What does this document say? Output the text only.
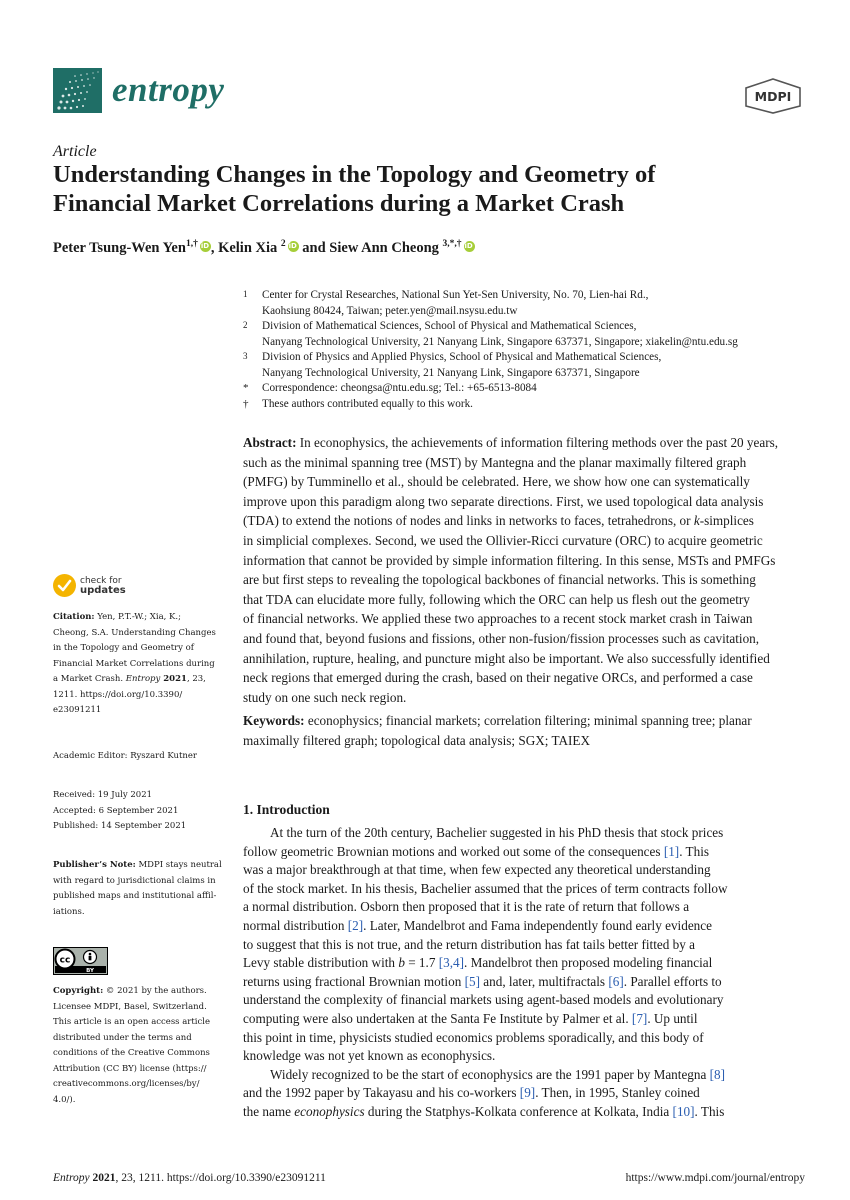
entropy	MDPI
Article
Understanding Changes in the Topology and Geometry of
Financial Market Correlations during a Market Crash
Peter Tsung-Wen Yen$^{1,\dagger}$iD , Kelin Xia $^2$iD and Siew Ann Cheong $^{3,*,\dagger}$iD
1 Center for Crystal Researches, National Sun Yet-Sen University, No. 70, Lien-hai Rd.,
Kaohsiung 80424, Taiwan; peter.yen@mail.nsysu.edu.tw
2 Division of Mathematical Sciences, School of Physical and Mathematical Sciences,
Nanyang Technological University, 21 Nanyang Link, Singapore 637371, Singapore; xiakelin@ntu.edu.sg
3 Division of Physics and Applied Physics, School of Physical and Mathematical Sciences,
Nanyang Technological University, 21 Nanyang Link, Singapore 637371, Singapore
* Correspondence: cheongsa@ntu.edu.sg; Tel.: +65-6513-8084
† These authors contributed equally to this work.
Abstract: In econophysics, the achievements of information filtering methods over the past 20 years,
such as the minimal spanning tree (MST) by Mantegna and the planar maximally filtered graph
(PMFG) by Tumminello et al., should be celebrated. Here, we show how one can systematically
improve upon this paradigm along two separate directions. First, we used topological data analysis
(TDA) to extend the notions of nodes and links in networks to faces, tetrahedrons, or k-simplices
in simplicial complexes. Second, we used the Ollivier-Ricci curvature (ORC) to acquire geometric
information that cannot be provided by simple information filtering. In this sense, MSTs and PMFGs
are but first steps to revealing the topological backbones of financial networks. This is something
that TDA can elucidate more fully, following which the ORC can help us flesh out the geometry
of financial networks. We applied these two approaches to a recent stock market crash in Taiwan
and found that, beyond fusions and fissions, other non-fusion/fission processes such as cavitation,
annihilation, rupture, healing, and puncture might also be important. We also successfully identified
neck regions that emerged during the crash, based on their negative ORCs, and performed a case
study on one such neck region.
Keywords: econophysics; financial markets; correlation filtering; minimal spanning tree; planar
maximally filtered graph; topological data analysis; SGX; TAIEX
check for
updates
Citation: Yen, P.T.-W.; Xia, K.;
Cheong, S.A. Understanding Changes
in the Topology and Geometry of
Financial Market Correlations during
a Market Crash. Entropy 2021, 23,
1211. https://doi.org/10.3390/
e23091211
Academic Editor: Ryszard Kutner
Received: 19 July 2021
Accepted: 6 September 2021
Published: 14 September 2021
Publisher’s Note: MDPI stays neutral
with regard to jurisdictional claims in
published maps and institutional affil-
iations.
cc
BY
Copyright: © 2021 by the authors.
Licensee MDPI, Basel, Switzerland.
This article is an open access article
distributed under the terms and
conditions of the Creative Commons
Attribution (CC BY) license (https://
creativecommons.org/licenses/by/
4.0/).
1. Introduction
At the turn of the 20th century, Bachelier suggested in his PhD thesis that stock prices
follow geometric Brownian motions and worked out some of the consequences [1]. This
was a major breakthrough at that time, when few expected any theoretical understanding
of the stock market. In his thesis, Bachelier assumed that the prices of term contracts follow
a normal distribution. Osborn then proposed that it is the rate of return that follows a
normal distribution [2]. Later, Mandelbrot and Fama independently found early evidence
to suggest that this is not true, and the return distribution has fat tails better fitted by a
Levy stable distribution with b = 1.7 [3,4]. Mandelbrot then proposed modeling financial
returns using fractional Brownian motion [5] and, later, multifractals [6]. Parallel efforts to
understand the complexity of financial markets using agent-based models and evolutionary
computing were also undertaken at the Santa Fe Institute by Palmer et al. [7]. Up until
this point in time, physicists studied economics problems sporadically, and this body of
knowledge was not yet known as econophysics.
Widely recognized to be the start of econophysics are the 1991 paper by Mantegna [8]
and the 1992 paper by Takayasu and his co-workers [9]. Then, in 1995, Stanley coined
the name econophysics during the Statphys-Kolkata conference at Kolkata, India [10]. This
Entropy 2021, 23, 1211. https://doi.org/10.3390/e23091211	https://www.mdpi.com/journal/entropy
